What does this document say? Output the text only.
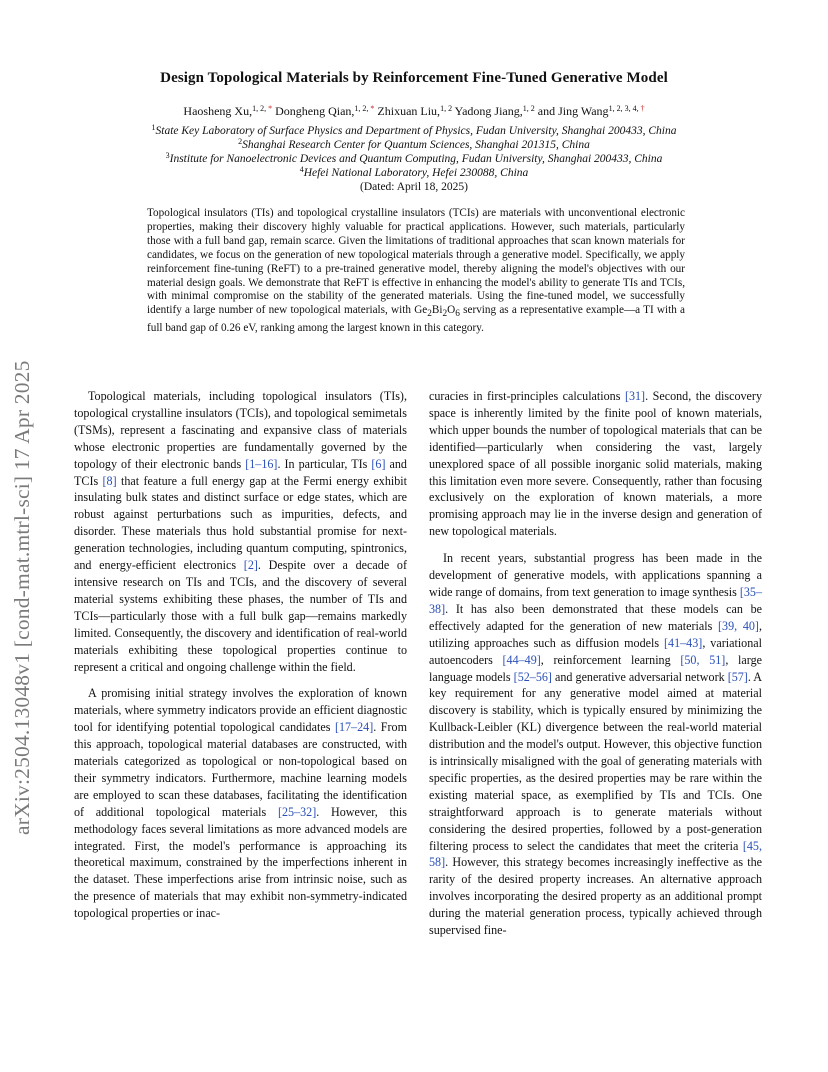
arXiv:2504.13048v1 [cond-mat.mtrl-sci] 17 Apr 2025
Design Topological Materials by Reinforcement Fine-Tuned Generative Model
Haosheng Xu,$^{1, 2, *}$ Dongheng Qian,$^{1, 2, *}$ Zhixuan Liu,$^{1, 2}$ Yadong Jiang,$^{1, 2}$ and Jing Wang$^{1, 2, 3, 4, \dagger}$
$^1$State Key Laboratory of Surface Physics and Department of Physics, Fudan University, Shanghai 200433, China
$^2$Shanghai Research Center for Quantum Sciences, Shanghai 201315, China
$^3$Institute for Nanoelectronic Devices and Quantum Computing, Fudan University, Shanghai 200433, China
$^4$Hefei National Laboratory, Hefei 230088, China
(Dated: April 18, 2025)
Topological insulators (TIs) and topological crystalline insulators (TCIs) are materials with unconventional electronic properties, making their discovery highly valuable for practical applications. However, such materials, particularly those with a full band gap, remain scarce. Given the limitations of traditional approaches that scan known materials for candidates, we focus on the generation of new topological materials through a generative model. Specifically, we apply reinforcement fine-tuning (ReFT) to a pre-trained generative model, thereby aligning the model's objectives with our material design goals. We demonstrate that ReFT is effective in enhancing the model's ability to generate TIs and TCIs, with minimal compromise on the stability of the generated materials. Using the fine-tuned model, we successfully identify a large number of new topological materials, with $Ge_2Bi_2O_6$ serving as a representative example—a TI with a full band gap of 0.26 eV, ranking among the largest known in this category.

Topological materials, including topological insulators (TIs), topological crystalline insulators (TCIs), and topological semimetals (TSMs), represent a fascinating and expansive class of materials whose electronic properties are fundamentally governed by the topology of their electronic bands [1–16]. In particular, TIs [6] and TCIs [8] that feature a full energy gap at the Fermi energy exhibit insulating bulk states and distinct surface or edge states, which are robust against perturbations such as impurities, defects, and disorder. These materials thus hold substantial promise for next-generation technologies, including quantum computing, spintronics, and energy-efficient electronics [2]. Despite over a decade of intensive research on TIs and TCIs, and the discovery of several material systems exhibiting these phases, the number of TIs and TCIs—particularly those with a full bulk gap—remains markedly limited. Consequently, the discovery and identification of real-world materials exhibiting these topological properties continue to represent a critical and ongoing challenge within the field.

A promising initial strategy involves the exploration of known materials, where symmetry indicators provide an efficient diagnostic tool for identifying potential topological candidates [17–24]. From this approach, topological material databases are constructed, with materials categorized as topological or non-topological based on their symmetry indicators. Furthermore, machine learning models are employed to scan these databases, facilitating the identification of additional topological materials [25–32]. However, this methodology faces several limitations as more advanced models are integrated. First, the model's performance is approaching its theoretical maximum, constrained by the imperfections inherent in the dataset. These imperfections arise from intrinsic noise, such as the presence of materials that may exhibit non-symmetry-indicated topological properties or inac-

curacies in first-principles calculations [31]. Second, the discovery space is inherently limited by the finite pool of known materials, which upper bounds the number of topological materials that can be identified—particularly when considering the vast, largely unexplored space of all possible inorganic solid materials, making this limitation even more severe. Consequently, rather than focusing exclusively on the exploration of known materials, a more promising approach may lie in the inverse design and generation of new topological materials.

In recent years, substantial progress has been made in the development of generative models, with applications spanning a wide range of domains, from text generation to image synthesis [35–38]. It has also been demonstrated that these models can be effectively adapted for the generation of new materials [39, 40], utilizing approaches such as diffusion models [41–43], variational autoencoders [44–49], reinforcement learning [50, 51], large language models [52–56] and generative adversarial network [57]. A key requirement for any generative model aimed at material discovery is stability, which is typically ensured by minimizing the Kullback-Leibler (KL) divergence between the real-world material distribution and the model's output. However, this objective function is intrinsically misaligned with the goal of generating materials with specific properties, as the desired properties may be rare within the existing material space, as exemplified by TIs and TCIs. One straightforward approach is to generate materials without considering the desired properties, followed by a post-generation filtering process to select the candidates that meet the criteria [45, 58]. However, this strategy becomes increasingly ineffective as the rarity of the desired property increases. An alternative approach involves incorporating the desired property as an additional prompt during the material generation process, typically achieved through supervised fine-
